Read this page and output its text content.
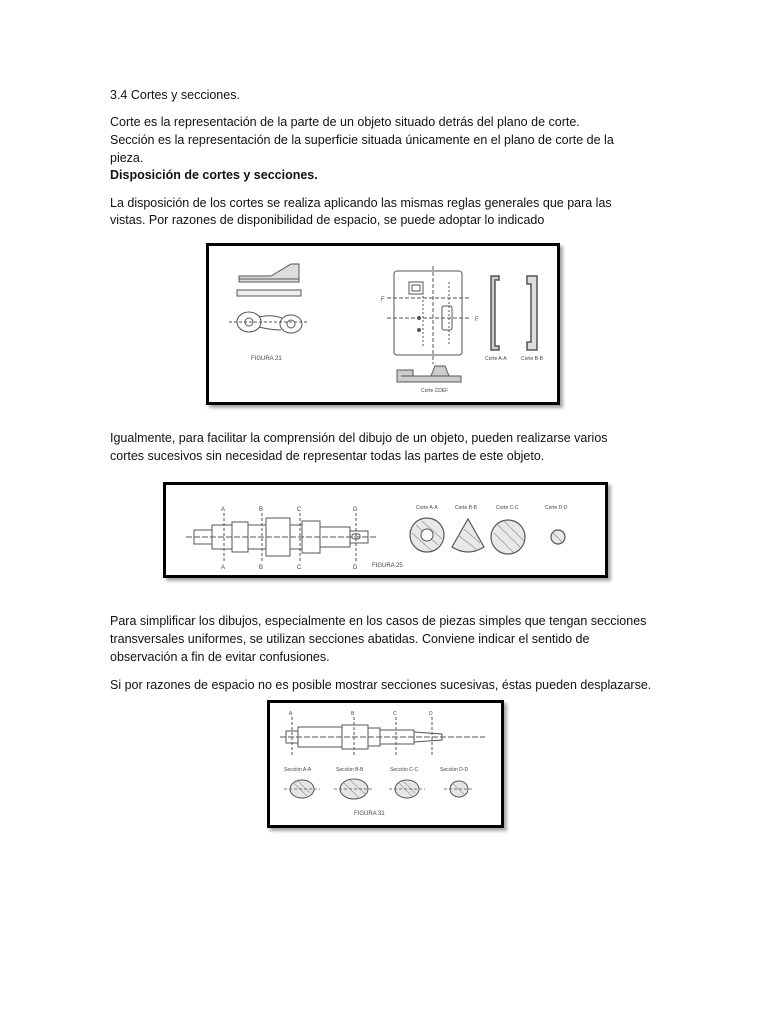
3.4 Cortes y secciones.

Corte es la representación de la parte de un objeto situado detrás del plano de corte.

Sección es la representación de la superficie situada únicamente en el plano de corte de la

pieza.

Disposición de cortes y secciones.

La disposición de los cortes se realiza aplicando las mismas reglas generales que para las

vistas. Por razones de disponibilidad de espacio, se puede adoptar lo indicado

FIGURA 21
F
F
Corte A-A	Corte B-B
Corte CDEF

Igualmente, para facilitar la comprensión del dibujo de un objeto, pueden realizarse varios

cortes sucesivos sin necesidad de representar todas las partes de este objeto.

A	B	C	D
A	B	C	D FIGURA 25
Corte A-A	Corte B-B	Corte C-C	Corte D-D

Para simplificar los dibujos, especialmente en los casos de piezas simples que tengan secciones

transversales uniformes, se utilizan secciones abatidas. Conviene indicar el sentido de

observación a fin de evitar confusiones.

Si por razones de espacio no es posible mostrar secciones sucesivas, éstas pueden desplazarse.

A	B	C	D
Sección A-A	Sección B-B	Sección C-C	Sección D-D
FIGURA 31
